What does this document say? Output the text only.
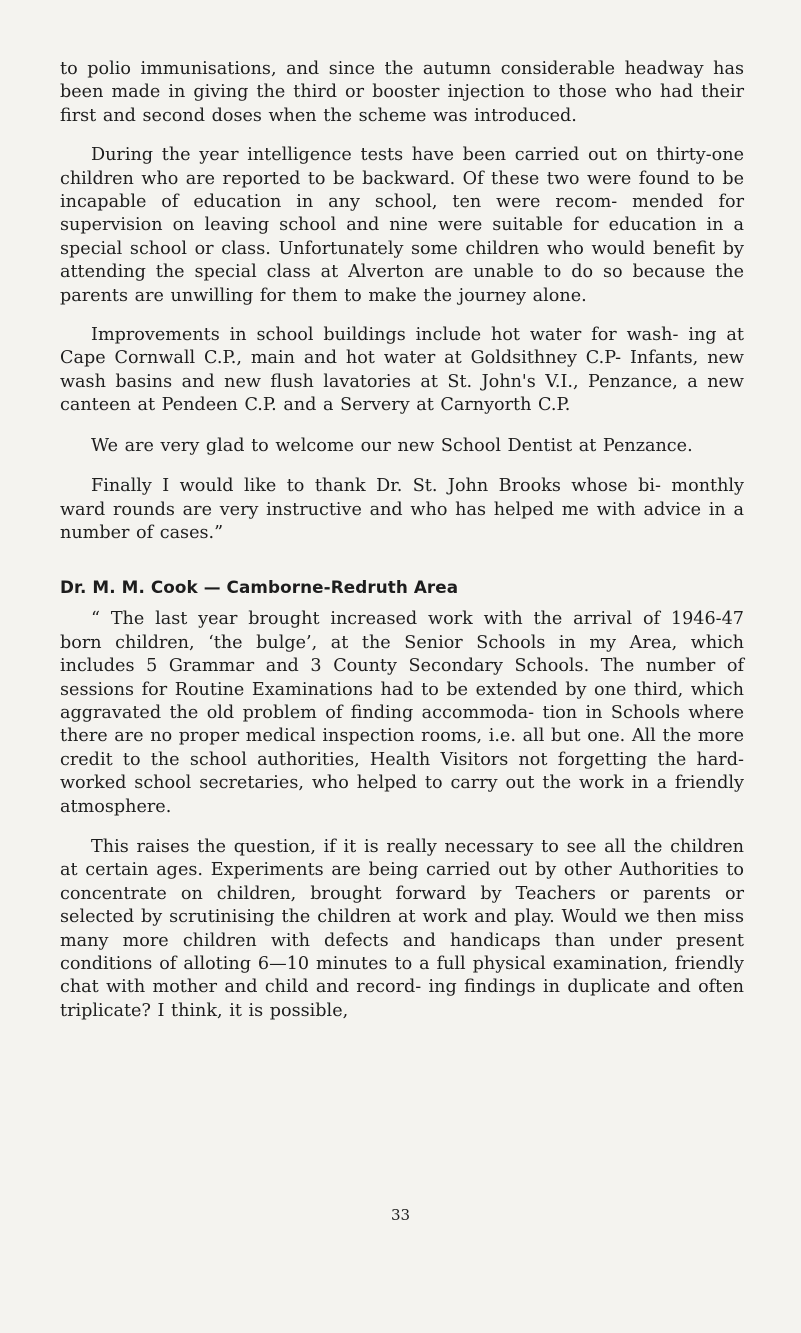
to polio immunisations, and since the autumn considerable headway has been made in giving the third or booster injection to those who had their first and second doses when the scheme was introduced.

During the year intelligence tests have been carried out on thirty-one children who are reported to be backward. Of these two were found to be incapable of education in any school, ten were recom- mended for supervision on leaving school and nine were suitable for education in a special school or class. Unfortunately some children who would benefit by attending the special class at Alverton are unable to do so because the parents are unwilling for them to make the journey alone.

Improvements in school buildings include hot water for wash- ing at Cape Cornwall C.P., main and hot water at Goldsithney C.P- Infants, new wash basins and new flush lavatories at St. John's V.I., Penzance, a new canteen at Pendeen C.P. and a Servery at Carnyorth C.P.

We are very glad to welcome our new School Dentist at Penzance.

Finally I would like to thank Dr. St. John Brooks whose bi- monthly ward rounds are very instructive and who has helped me with advice in a number of cases.”

Dr. M. M. Cook — Camborne-Redruth Area

“ The last year brought increased work with the arrival of 1946-47 born children, ‘the bulge’, at the Senior Schools in my Area, which includes 5 Grammar and 3 County Secondary Schools. The number of sessions for Routine Examinations had to be extended by one third, which aggravated the old problem of finding accommoda- tion in Schools where there are no proper medical inspection rooms, i.e. all but one. All the more credit to the school authorities, Health Visitors not forgetting the hard-worked school secretaries, who helped to carry out the work in a friendly atmosphere.

This raises the question, if it is really necessary to see all the children at certain ages. Experiments are being carried out by other Authorities to concentrate on children, brought forward by Teachers or parents or selected by scrutinising the children at work and play. Would we then miss many more children with defects and handicaps than under present conditions of alloting 6—10 minutes to a full physical examination, friendly chat with mother and child and record- ing findings in duplicate and often triplicate? I think, it is possible,

33
